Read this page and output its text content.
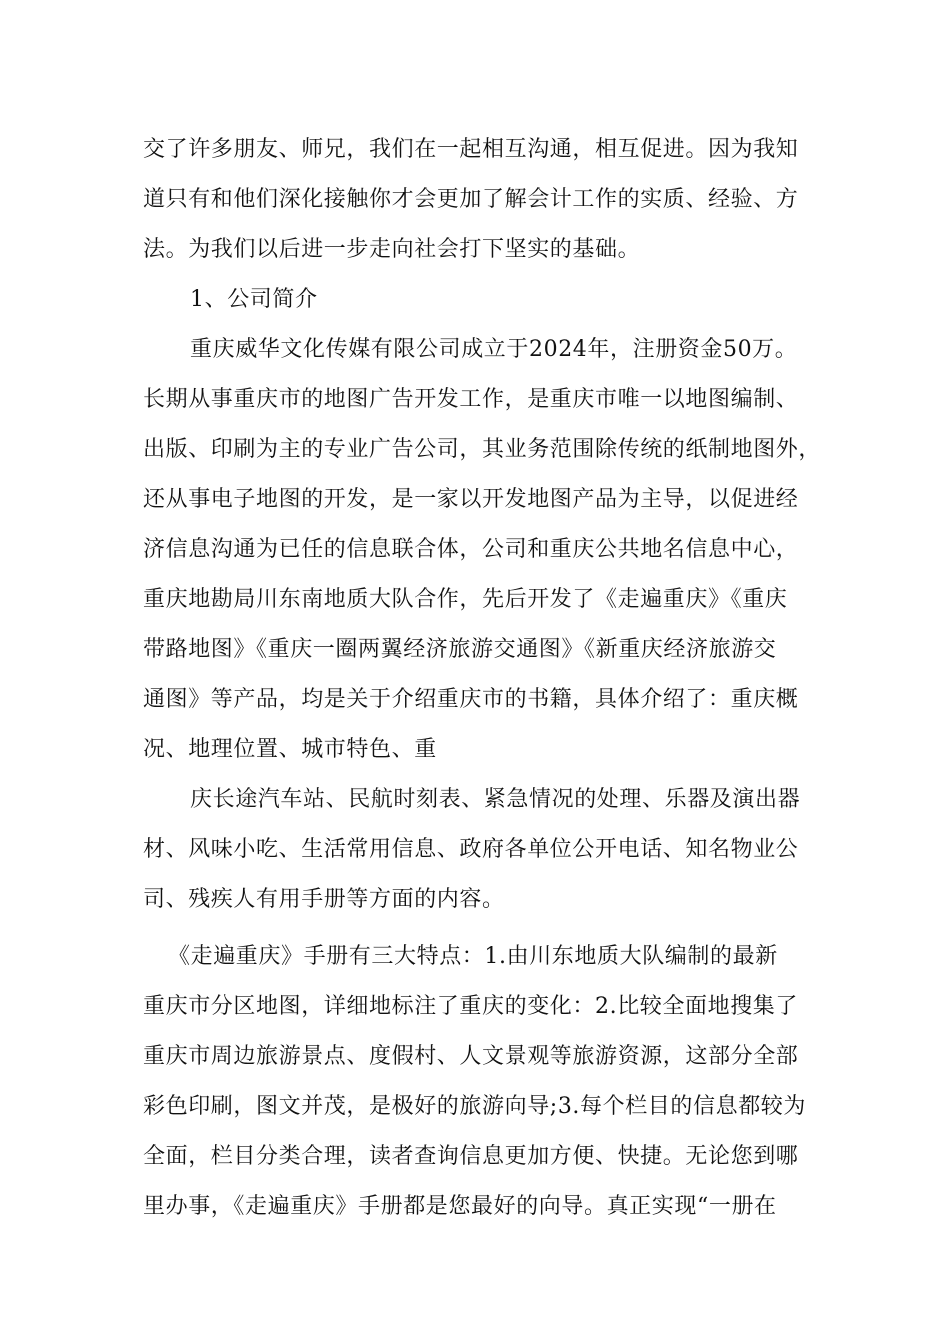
交了许多朋友、师兄，我们在一起相互沟通，相互促进。因为我知
道只有和他们深化接触你才会更加了解会计工作的实质、经验、方
法。为我们以后进一步走向社会打下坚实的基础。
1、公司简介
重庆威华文化传媒有限公司成立于2024年，注册资金50万。
长期从事重庆市的地图广告开发工作，是重庆市唯一以地图编制、
出版、印刷为主的专业广告公司，其业务范围除传统的纸制地图外，
还从事电子地图的开发，是一家以开发地图产品为主导，以促进经
济信息沟通为已任的信息联合体，公司和重庆公共地名信息中心，
重庆地勘局川东南地质大队合作，先后开发了《走遍重庆》《重庆
带路地图》《重庆一圈两翼经济旅游交通图》《新重庆经济旅游交
通图》等产品，均是关于介绍重庆市的书籍，具体介绍了：重庆概
况、地理位置、城市特色、重
庆长途汽车站、民航时刻表、紧急情况的处理、乐器及演出器
材、风味小吃、生活常用信息、政府各单位公开电话、知名物业公
司、残疾人有用手册等方面的内容。
《走遍重庆》手册有三大特点：1.由川东地质大队编制的最新
重庆市分区地图，详细地标注了重庆的变化：2.比较全面地搜集了
重庆市周边旅游景点、度假村、人文景观等旅游资源，这部分全部
彩色印刷，图文并茂，是极好的旅游向导;3.每个栏目的信息都较为
全面，栏目分类合理，读者查询信息更加方便、快捷。无论您到哪
里办事，《走遍重庆》手册都是您最好的向导。真正实现“一册在
